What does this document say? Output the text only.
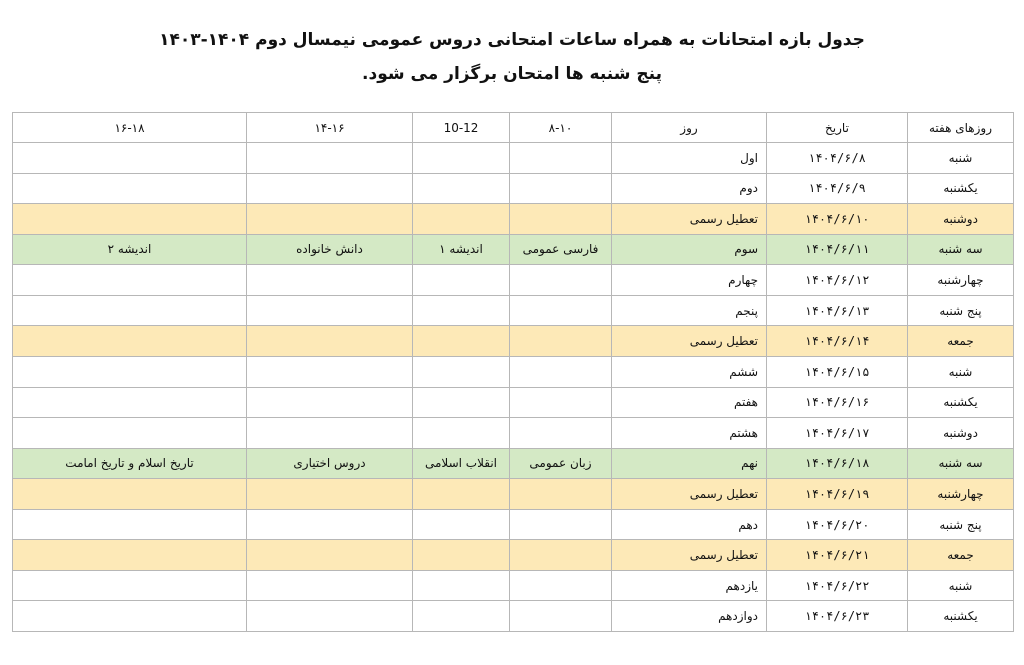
جدول بازه امتحانات به همراه ساعات امتحانی دروس عمومی نیمسال دوم ۱۴۰۴-۱۴۰۳
پنج شنبه ها امتحان برگزار می شود.
روزهای هفته	تاریخ	روز	۸-۱۰	10-12	۱۴-۱۶	۱۶-۱۸	
شنبه	۱۴۰۴/۶/۸	اول					
یکشنبه	۱۴۰۴/۶/۹	دوم					
دوشنبه	۱۴۰۴/۶/۱۰	تعطیل رسمی					
سه شنبه	۱۴۰۴/۶/۱۱	سوم	فارسی عمومی	اندیشه ۱	دانش خانواده	اندیشه ۲	
چهارشنبه	۱۴۰۴/۶/۱۲	چهارم					
پنج شنبه	۱۴۰۴/۶/۱۳	پنجم					
جمعه	۱۴۰۴/۶/۱۴	تعطیل رسمی					
شنبه	۱۴۰۴/۶/۱۵	ششم					
یکشنبه	۱۴۰۴/۶/۱۶	هفتم					
دوشنبه	۱۴۰۴/۶/۱۷	هشتم					
سه شنبه	۱۴۰۴/۶/۱۸	نهم	زبان عمومی	انقلاب اسلامی	دروس اختیاری	تاریخ اسلام و تاریخ امامت	
چهارشنبه	۱۴۰۴/۶/۱۹	تعطیل رسمی					
پنج شنبه	۱۴۰۴/۶/۲۰	دهم					
جمعه	۱۴۰۴/۶/۲۱	تعطیل رسمی					
شنبه	۱۴۰۴/۶/۲۲	یازدهم					
یکشنبه	۱۴۰۴/۶/۲۳	دوازدهم					
